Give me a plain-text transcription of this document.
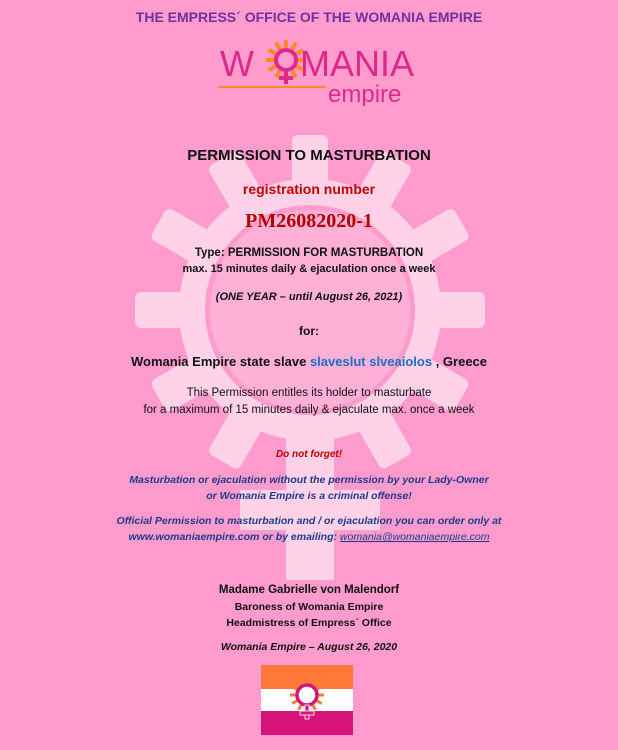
THE EMPRESS´ OFFICE OF THE WOMANIA EMPIRE
W MANIA
empire
PERMISSION TO MASTURBATION
registration number
PM26082020-1
Type: PERMISSION FOR MASTURBATION
max. 15 minutes daily & ejaculation once a week
(ONE YEAR – until August 26, 2021)
for:
Womania Empire state slave slaveslut slveaiolos , Greece
This Permission entitles its holder to masturbate
for a maximum of 15 minutes daily & ejaculate max. once a week
Do not forget!
Masturbation or ejaculation without the permission by your Lady-Owner
or Womania Empire is a criminal offense!
Official Permission to masturbation and / or ejaculation you can order only at
www.womaniaempire.com or by emailing: womania@womaniaempire.com
Madame Gabrielle von Malendorf
Baroness of Womania Empire
Headmistress of Empress´ Office
Womania Empire – August 26, 2020
